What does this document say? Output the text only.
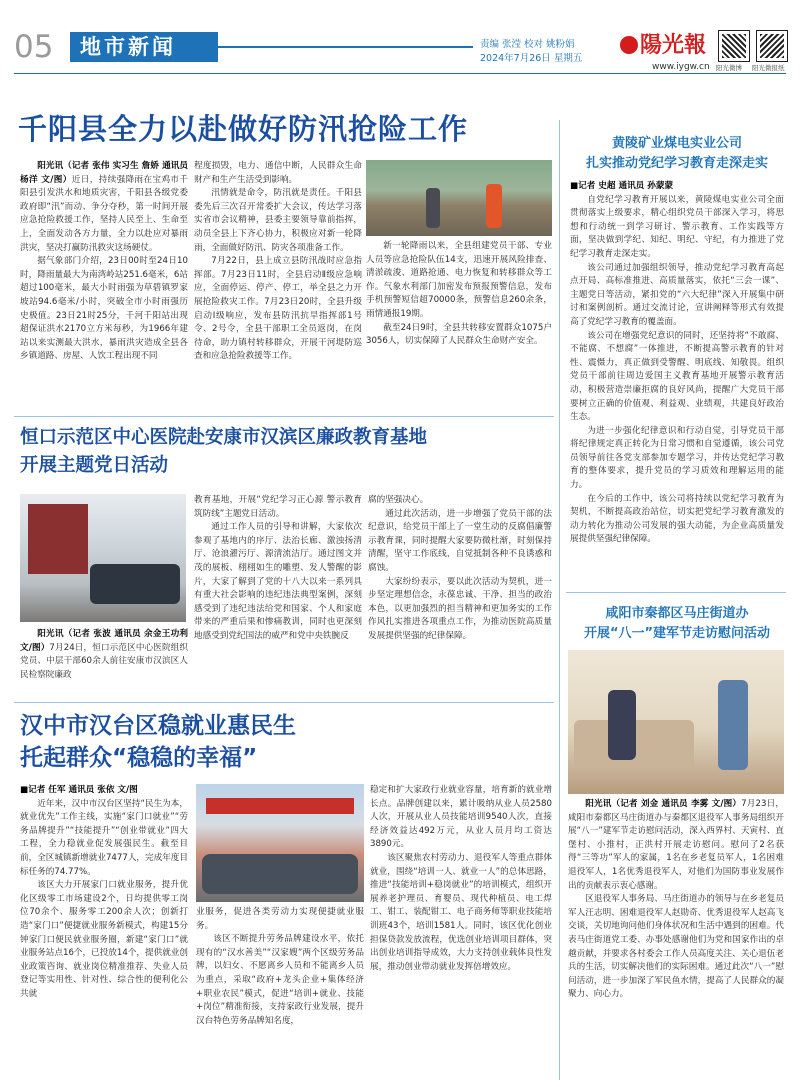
05	地市新闻	责编 张滢 校对 姚粉娟
2024年7月26日 星期五
陽光報
www.iygw.cn 阳光微博 阳光微报纸
千阳县全力以赴做好防汛抢险工作

阳光讯（记者 张伟 实习生 詹娇 通讯员 杨洋 文/图）近日，持续强降雨在宝鸡市千阳县引发洪水和地质灾害，千阳县各级党委政府即“汛”而动、争分夺秒，第一时间开展应急抢险救援工作，坚持人民至上、生命至上，全面发动各方力量，全力以赴应对暴雨洪灾，坚决打赢防汛救灾这场硬仗。

据气象部门介绍，23日00时至24日10时，降雨量最大为南湾岭站251.6毫米，6站超过100毫米，最大小时雨强为草碧镇罗家坡站94.6毫米/小时，突破全市小时雨强历史极值。23日21时25分，千河千阳站出现超保证洪水2170立方米每秒，为1966年建站以来实测最大洪水，暴雨洪灾造成全县各乡镇道路、房屋、人饮工程出现不同

程度损毁，电力、通信中断，人民群众生命财产和生产生活受到影响。

汛情就是命令，防汛就是责任。千阳县委先后三次召开常委扩大会议，传达学习落实省市会议精神，县委主要领导靠前指挥，动员全县上下齐心协力，积极应对新一轮降雨，全面做好防汛、防灾各项准备工作。

7月22日，县上成立县防汛战时应急指挥部。7月23日11时，全县启动Ⅱ级应急响应，全面停运、停产、停工，举全县之力开展抢险救灾工作。7月23日20时，全县升级启动Ⅰ级响应，发布县防汛抗旱指挥部1号令、2号令，全县干部职工全员返岗，在岗待命，助力镇村转移群众，开展干河堤防巡查和应急抢险救援等工作。

新一轮降雨以来，全县组建党员干部、专业人员等应急抢险队伍14支，迅速开展风险排查、清淤疏浚、道路抢通、电力恢复和转移群众等工作。气象水利部门加密发布预报预警信息，发布手机预警短信超70000条，预警信息260余条，雨情通报19期。

截至24日9时，全县共转移安置群众1075户3056人，切实保障了人民群众生命财产安全。

黄陵矿业煤电实业公司
扎实推动党纪学习教育走深走实

■记者 史超 通讯员 孙蒙蒙

自党纪学习教育开展以来，黄陵煤电实业公司全面贯彻落实上级要求，精心组织党员干部深入学习，将思想和行动统一到学习研讨、警示教育、工作实践等方面，坚决做到学纪、知纪、明纪、守纪，有力推进了党纪学习教育走深走实。

该公司通过加强组织领导，推动党纪学习教育高起点开局、高标准推进、高质量落实，依托“三会一课”、主题党日等活动，紧扣党的“六大纪律”深入开展集中研讨和案例剖析。通过交流讨论，宣讲阐释等形式有效提高了党纪学习教育的覆盖面。

该公司在增强党纪意识的同时，还坚持将“不敢腐、不能腐、不想腐”一体推进，不断提高警示教育的针对性、震慑力，真正做到受警醒、明底线、知敬畏。组织党员干部前往周边爱国主义教育基地开展警示教育活动，积极营造崇廉拒腐的良好风尚，提醒广大党员干部要树立正确的价值观、利益观、业绩观，共建良好政治生态。

为进一步强化纪律意识和行动自觉，引导党员干部将纪律规定真正转化为日常习惯和自觉遵循，该公司党员领导前往各党支部参加专题学习，并传达党纪学习教育的整体要求，提升党员的学习质效和理解运用的能力。

在今后的工作中，该公司将持续以党纪学习教育为契机，不断提高政治站位，切实把党纪学习教育激发的动力转化为推动公司发展的强大动能，为企业高质量发展提供坚强纪律保障。

恒口示范区中心医院赴安康市汉滨区廉政教育基地
开展主题党日活动

阳光讯（记者 张波 通讯员 余金王功利 文/图）7月24日，恒口示范区中心医院组织党员、中层干部60余人前往安康市汉滨区人民检察院廉政

教育基地，开展“党纪学习正心源 警示教育筑防线”主题党日活动。

通过工作人员的引导和讲解，大家依次参观了基地内的序厅、法治长廊、激浊扬清厅、沧浪濯污厅、源清流洁厅。通过图文并茂的展板、栩栩如生的雕塑、发人警醒的影片，大家了解到了党的十八大以来一系列具有重大社会影响的违纪违法典型案例，深刻感受到了违纪违法给党和国家、个人和家庭带来的严重后果和惨痛教训，同时也更深刻地感受到党纪国法的威严和党中央铁腕反

腐的坚强决心。

通过此次活动，进一步增强了党员干部的法纪意识，给党员干部上了一堂生动的反腐倡廉警示教育课，同时提醒大家要防微杜渐，时刻保持清醒，坚守工作底线，自觉抵制各种不良诱惑和腐蚀。

大家纷纷表示，要以此次活动为契机，进一步坚定理想信念，永葆忠诚、干净、担当的政治本色，以更加强烈的担当精神和更加务实的工作作风扎实推进各项重点工作，为推动医院高质量发展提供坚强的纪律保障。

咸阳市秦都区马庄街道办
开展“八一”建军节走访慰问活动

阳光讯（记者 刘金 通讯员 李雾 文/图）7月23日，咸阳市秦都区马庄街道办与秦都区退役军人事务局组织开展“八一”建军节走访慰问活动，深入西界村、天寅村、直堡村、小推村，正洪村开展走访慰问。慰问了2名获得“三等功”军人的家属，1名在乡老复员军人，1名困难退役军人，1名优秀退役军人，对他们为国防事业发展作出的贡献表示衷心感谢。

区退役军人事务局、马庄街道办的领导与在乡老复员军人汪志明、困难退役军人赵勋奇、优秀退役军人赵高飞交谈，关切地询问他们身体状况和生活中遇到的困难。代表马庄街道党工委、办事处感谢他们为党和国家作出的卓越贡献，并要求各村委会工作人员高度关注、关心退伍老兵的生活，切实解决他们的实际困难。通过此次“八一”慰问活动，进一步加深了军民鱼水情，提高了人民群众的凝聚力、向心力。

汉中市汉台区稳就业惠民生
托起群众“稳稳的幸福”

■记者 任军 通讯员 张依 文/图

近年来，汉中市汉台区坚持“民生为本，就业优先”工作主线，实施“家门口就业”“劳务品牌提升”“技能提升”“创业带就业”四大工程，全力稳就业促发展强民生。截至目前，全区城镇新增就业7477人，完成年度目标任务的74.77%。

该区大力开展家门口就业服务，提升优化区级零工市场建设2个，日均提供零工岗位70余个、服务零工200余人次；创新打造“家门口”便捷就业服务新模式，构建15分钟家门口便民就业服务圈，新建“家门口”就业服务站点16个，已投放14个，提供就业创业政策咨询、就业岗位精准推荐、失业人员登记等实用性、针对性、综合性的便利化公共就

业服务，促进各类劳动力实现便捷就业服务。

该区不断提升劳务品牌建设水平，依托现有的“汉水善美”“汉家嫂”两个区级劳务品牌，以妇女、不愿离乡人员和不能离乡人员为重点，采取“政府+龙头企业+集体经济+职业农民”模式，促进“培训+就业、技能+岗位”精准衔接，支持家政行业发展，提升汉台特色劳务品牌知名度，

稳定和扩大家政行业就业容量，培育新的就业增长点。品牌创建以来，累计吸纳从业人员2580人次，开展从业人员技能培训9540人次，直接经济效益达492万元，从业人员月均工资达3890元。

该区聚焦农村劳动力、退役军人等重点群体就业，围绕“培训一人、就业一人”的总体思路，推进“技能培训+稳岗就业”的培训模式，组织开展养老护理员、育婴员、现代种植员、电工焊工、钳工、装配钳工、电子商务师等职业技能培训班43个，培训1581人。同时，该区优化创业担保贷款发放流程，优选创业培训项目群体，突出创业培训指导成效，大力支持创业载体良性发展，推动创业带动就业发挥倍增效应。
